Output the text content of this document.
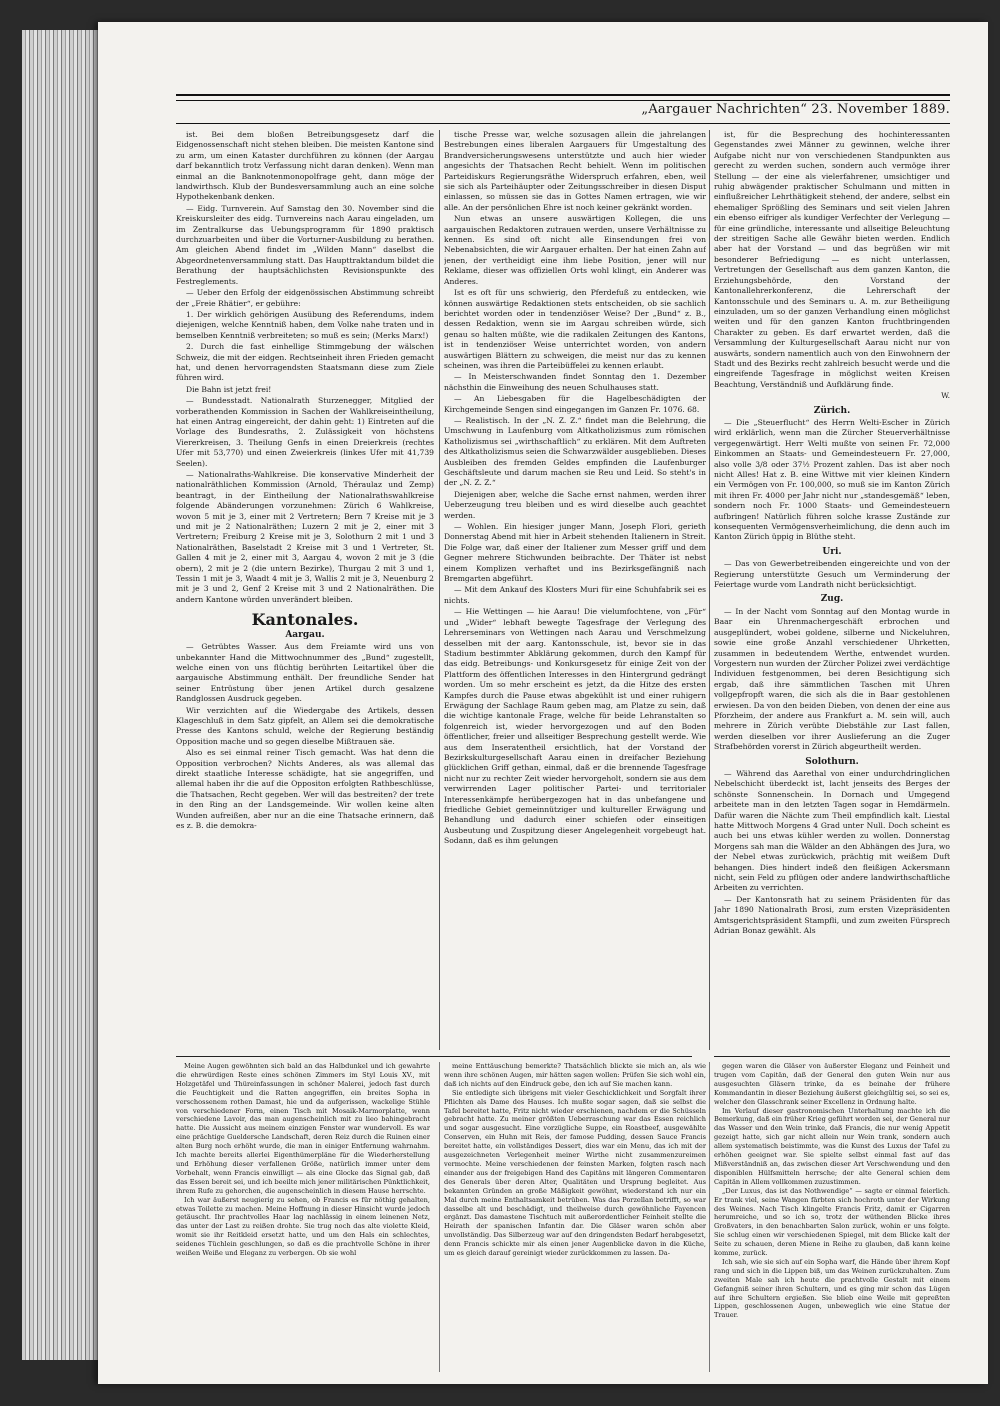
„Aargauer Nachrichten“ 23. November 1889.

ist. Bei dem bloßen Betreibungsgesetz darf die Eidgenossenschaft nicht stehen bleiben. Die meisten Kantone sind zu arm, um einen Kataster durchführen zu können (der Aargau darf bekanntlich trotz Verfassung nicht daran denken). Wenn man einmal an die Banknotenmonopolfrage geht, dann möge der landwirthsch. Klub der Bundesversammlung auch an eine solche Hypothekenbank denken.

— Eidg. Turnverein. Auf Samstag den 30. November sind die Kreiskursleiter des eidg. Turnvereins nach Aarau eingeladen, um im Zentralkurse das Uebungsprogramm für 1890 praktisch durchzuarbeiten und über die Vorturner-Ausbildung zu berathen. Am gleichen Abend findet im „Wilden Mann“ daselbst die Abgeordnetenversammlung statt. Das Haupttraktandum bildet die Berathung der hauptsächlichsten Revisionspunkte des Festreglements.

— Ueber den Erfolg der eidgenössischen Abstimmung schreibt der „Freie Rhätier“, er gebühre:

1. Der wirklich gehörigen Ausübung des Referendums, indem diejenigen, welche Kenntniß haben, dem Volke nahe traten und in bemselben Kenntniß verbreiteten; so muß es sein; (Merks Marx!)

2. Durch die fast einhellige Stimmgebung der wälschen Schweiz, die mit der eidgen. Rechtseinheit ihren Frieden gemacht hat, und denen hervorragendsten Staatsmann diese zum Ziele führen wird.

Die Bahn ist jetzt frei!

— Bundesstadt. Nationalrath Sturzenegger, Mitglied der vorberathenden Kommission in Sachen der Wahlkreiseintheilung, hat einen Antrag eingereicht, der dahin geht: 1) Eintreten auf die Vorlage des Bundesraths, 2. Zulässigkeit von höchstens Viererkreisen, 3. Theilung Genfs in einen Dreierkreis (rechtes Ufer mit 53,770) und einen Zweierkreis (linkes Ufer mit 41,739 Seelen).

— Nationalraths-Wahlkreise. Die konservative Minderheit der nationalräthlichen Kommission (Arnold, Théraulaz und Zemp) beantragt, in der Eintheilung der Nationalrathswahlkreise folgende Abänderungen vorzunehmen: Zürich 6 Wahlkreise, wovon 5 mit je 3, einer mit 2 Vertretern; Bern 7 Kreise mit je 3 und mit je 2 Nationalräthen; Luzern 2 mit je 2, einer mit 3 Vertretern; Freiburg 2 Kreise mit je 3, Solothurn 2 mit 1 und 3 Nationalräthen, Baselstadt 2 Kreise mit 3 und 1 Vertreter, St. Gallen 4 mit je 2, einer mit 3, Aargau 4, wovon 2 mit je 3 (die obern), 2 mit je 2 (die untern Bezirke), Thurgau 2 mit 3 und 1, Tessin 1 mit je 3, Waadt 4 mit je 3, Wallis 2 mit je 3, Neuenburg 2 mit je 3 und 2, Genf 2 Kreise mit 3 und 2 Nationalräthen. Die andern Kantone würden unverändert bleiben.

Kantonales.
Aargau.

— Getrübtes Wasser. Aus dem Freiamte wird uns von unbekannter Hand die Mittwochnummer des „Bund“ zugestellt, welche einen von uns flüchtig berührten Leitartikel über die aargauische Abstimmung enthält. Der freundliche Sender hat seiner Entrüstung über jenen Artikel durch gesalzene Randglossen Ausdruck gegeben.

Wir verzichten auf die Wiedergabe des Artikels, dessen Klageschluß in dem Satz gipfelt, an Allem sei die demokratische Presse des Kantons schuld, welche der Regierung beständig Opposition mache und so gegen dieselbe Mißtrauen säe.

Also es sei einmal reiner Tisch gemacht. Was hat denn die Opposition verbrochen? Nichts Anderes, als was allemal das direkt staatliche Interesse schädigte, hat sie angegriffen, und allemal haben ihr die auf die Oppositon erfolgten Rathbeschlüsse, die Thatsachen, Recht gegeben. Wer will das bestreiten? der trete in den Ring an der Landsgemeinde. Wir wollen keine alten Wunden aufreißen, aber nur an die eine Thatsache erinnern, daß es z. B. die demokra-

tische Presse war, welche sozusagen allein die jahrelangen Bestrebungen eines liberalen Aargauers für Umgestaltung des Brandversicherungswesens unterstützte und auch hier wieder angesichts der Thatsachen Recht behielt. Wenn im politischen Parteidiskurs Regierungsräthe Widerspruch erfahren, eben, weil sie sich als Parteihäupter oder Zeitungsschreiber in diesen Disput einlassen, so müssen sie das in Gottes Namen ertragen, wie wir alle. An der persönlichen Ehre ist noch keiner gekränkt worden.

Nun etwas an unsere auswärtigen Kollegen, die uns aargauischen Redaktoren zutrauen werden, unsere Verhältnisse zu kennen. Es sind oft nicht alle Einsendungen frei von Nebenabsichten, die wir Aargauer erhalten. Der hat einen Zahn auf jenen, der vertheidigt eine ihm liebe Position, jener will nur Reklame, dieser was offiziellen Orts wohl klingt, ein Anderer was Anderes.

Ist es oft für uns schwierig, den Pferdefuß zu entdecken, wie können auswärtige Redaktionen stets entscheiden, ob sie sachlich berichtet worden oder in tendenziöser Weise? Der „Bund“ z. B., dessen Redaktion, wenn sie im Aargau schreiben würde, sich genau so halten müßte, wie die radikalen Zeitungen des Kantons, ist in tendenziöser Weise unterrichtet worden, von andern auswärtigen Blättern zu schweigen, die meist nur das zu kennen scheinen, was ihren die Parteibüffelei zu kennen erlaubt.

— In Meisterschwanden findet Sonntag den 1. Dezember nächsthin die Einweihung des neuen Schulhauses statt.

— An Liebesgaben für die Hagelbeschädigten der Kirchgemeinde Sengen sind eingegangen im Ganzen Fr. 1076. 68.

— Realistisch. In der „N. Z. Z.“ findet man die Belehrung, die Umschwung in Laufenburg vom Altkatholizismus zum römischen Katholizismus sei „wirthschaftlich“ zu erklären. Mit dem Auftreten des Altkatholizismus seien die Schwarzwälder ausgeblieben. Dieses Ausbleiben des fremden Geldes empfinden die Laufenburger Geschäftsleute und darum machen sie Reu und Leid. So steht's in der „N. Z. Z.“

Diejenigen aber, welche die Sache ernst nahmen, werden ihrer Ueberzeugung treu bleiben und es wird dieselbe auch geachtet werden.

— Wohlen. Ein hiesiger junger Mann, Joseph Flori, gerieth Donnerstag Abend mit hier in Arbeit stehenden Italienern in Streit. Die Folge war, daß einer der Italiener zum Messer griff und dem Gegner mehrere Stichwunden beibrachte. Der Thäter ist nebst einem Komplizen verhaftet und ins Bezirksgefängniß nach Bremgarten abgeführt.

— Mit dem Ankauf des Klosters Muri für eine Schuhfabrik sei es nichts.

— Hie Wettingen — hie Aarau! Die vielumfochtene, von „Für“ und „Wider“ lebhaft bewegte Tagesfrage der Verlegung des Lehrerseminars von Wettingen nach Aarau und Verschmelzung desselben mit der aarg. Kantonsschule, ist, bevor sie in das Stadium bestimmter Abklärung gekommen, durch den Kampf für das eidg. Betreibungs- und Konkursgesetz für einige Zeit von der Plattform des öffentlichen Interesses in den Hintergrund gedrängt worden. Um so mehr erscheint es jetzt, da die Hitze des ersten Kampfes durch die Pause etwas abgekühlt ist und einer ruhigern Erwägung der Sachlage Raum geben mag, am Platze zu sein, daß die wichtige kantonale Frage, welche für beide Lehranstalten so folgenreich ist, wieder hervorgezogen und auf den Boden öffentlicher, freier und allseitiger Besprechung gestellt werde. Wie aus dem Inseratentheil ersichtlich, hat der Vorstand der Bezirkskulturgesellschaft Aarau einen in dreifacher Beziehung glücklichen Griff gethan, einmal, daß er die brennende Tagesfrage nicht nur zu rechter Zeit wieder hervorgeholt, sondern sie aus dem verwirrenden Lager politischer Partei- und territorialer Interessenkämpfe herübergezogen hat in das unbefangene und friedliche Gebiet gemeinnütziger und kultureller Erwägung und Behandlung und dadurch einer schiefen oder einseitigen Ausbeutung und Zuspitzung dieser Angelegenheit vorgebeugt hat. Sodann, daß es ihm gelungen

ist, für die Besprechung des hochinteressanten Gegenstandes zwei Männer zu gewinnen, welche ihrer Aufgabe nicht nur von verschiedenen Standpunkten aus gerecht zu werden suchen, sondern auch vermöge ihrer Stellung — der eine als vielerfahrener, umsichtiger und ruhig abwägender praktischer Schulmann und mitten in einflußreicher Lehrthätigkeit stehend, der andere, selbst ein ehemaliger Sprößling des Seminars und seit vielen Jahren ein ebenso eifriger als kundiger Verfechter der Verlegung — für eine gründliche, interessante und allseitige Beleuchtung der streitigen Sache alle Gewähr bieten werden. Endlich aber hat der Vorstand — und das begrüßen wir mit besonderer Befriedigung — es nicht unterlassen, Vertretungen der Gesellschaft aus dem ganzen Kanton, die Erziehungsbehörde, den Vorstand der Kantonallehrerkonferenz, die Lehrerschaft der Kantonsschule und des Seminars u. A. m. zur Betheiligung einzuladen, um so der ganzen Verhandlung einen möglichst weiten und für den ganzen Kanton fruchtbringenden Charakter zu geben. Es darf erwartet werden, daß die Versammlung der Kulturgesellschaft Aarau nicht nur von auswärts, sondern namentlich auch von den Einwohnern der Stadt und des Bezirks recht zahlreich besucht werde und die eingreifende Tagesfrage in möglichst weiten Kreisen Beachtung, Verständniß und Aufklärung finde.

W.

Zürich.

— Die „Steuerflucht“ des Herrn Welti-Escher in Zürich wird erklärlich, wenn man die Zürcher Steuerverhältnisse vergegenwärtigt. Herr Welti mußte von seinen Fr. 72,000 Einkommen an Staats- und Gemeindesteuern Fr. 27,000, also volle 3/8 oder 37½ Prozent zahlen. Das ist aber noch nicht Alles! Hat z. B. eine Wittwe mit vier kleinen Kindern ein Vermögen von Fr. 100,000, so muß sie im Kanton Zürich mit ihren Fr. 4000 per Jahr nicht nur „standesgemäß“ leben, sondern noch Fr. 1000 Staats- und Gemeindesteuern aufbringen! Natürlich führen solche krasse Zustände zur konsequenten Vermögensverheimlichung, die denn auch im Kanton Zürich üppig in Blüthe steht.

Uri.

— Das von Gewerbetreibenden eingereichte und von der Regierung unterstützte Gesuch um Verminderung der Feiertage wurde vom Landrath nicht berücksichtigt.

Zug.

— In der Nacht vom Sonntag auf den Montag wurde in Baar ein Uhrenmachergeschäft erbrochen und ausgeplündert, wobei goldene, silberne und Nickeluhren, sowie eine große Anzahl verschiedener Uhrketten, zusammen in bedeutendem Werthe, entwendet wurden. Vorgestern nun wurden der Zürcher Polizei zwei verdächtige Individuen festgenommen, bei deren Besichtigung sich ergab, daß ihre sämmtlichen Taschen mit Uhren vollgepfropft waren, die sich als die in Baar gestohlenen erwiesen. Da von den beiden Dieben, von denen der eine aus Pforzheim, der andere aus Frankfurt a. M. sein will, auch mehrere in Zürich verübte Diebstähle zur Last fallen, werden dieselben vor ihrer Auslieferung an die Zuger Strafbehörden vorerst in Zürich abgeurtheilt werden.

Solothurn.

— Während das Aarethal von einer undurchdringlichen Nebelschicht überdeckt ist, lacht jenseits des Berges der schönste Sonnenschein. In Dornach und Umgegend arbeitete man in den letzten Tagen sogar in Hemdärmeln. Dafür waren die Nächte zum Theil empfindlich kalt. Liestal hatte Mittwoch Morgens 4 Grad unter Null. Doch scheint es auch bei uns etwas kühler werden zu wollen. Donnerstag Morgens sah man die Wälder an den Abhängen des Jura, wo der Nebel etwas zurückwich, prächtig mit weißem Duft behangen. Dies hindert indeß den fleißigen Ackersmann nicht, sein Feld zu pflügen oder andere landwirthschaftliche Arbeiten zu verrichten.

— Der Kantonsrath hat zu seinem Präsidenten für das Jahr 1890 Nationalrath Brosi, zum ersten Vizepräsidenten Amtsgerichtspräsident Stampfli, und zum zweiten Fürsprech Adrian Bonaz gewählt. Als

Meine Augen gewöhnten sich bald an das Halbdunkel und ich gewahrte die ehrwürdigen Reste eines schönen Zimmers im Styl Louis XV., mit Holzgetäfel und Thüreinfassungen in schöner Malerei, jedoch fast durch die Feuchtigkeit und die Ratten angegriffen, ein breites Sopha in verschossenem rothen Damast, hie und da aufgerissen, wackelige Stühle von verschiedener Form, einen Tisch mit Mosaik-Marmorplatte, wenn verschiedene Lavoir, das man augenscheinlich mit zu lieo bahingebracht hatte. Die Aussicht aus meinem einzigen Fenster war wundervoll. Es war eine prächtige Gueldersche Landschaft, deren Reiz durch die Ruinen einer alten Burg noch erhöht wurde, die man in einiger Entfernung wahrnahm. Ich machte bereits allerlei Eigenthümerpläne für die Wiederherstellung und Erhöhung dieser verfallenen Größe, natürlich immer unter dem Vorbehalt, wenn Francis einwilligt — als eine Glocke das Signal gab, daß das Essen bereit sei, und ich beeilte mich jener militärischen Pünktlichkeit, ihrem Rufe zu gehorchen, die augenscheinlich in diesem Hause herrschte.

Ich war äußerst neugierig zu sehen, ob Francis es für nöthig gehalten, etwas Toilette zu machen. Meine Hoffnung in dieser Hinsicht wurde jedoch getäuscht. Ihr prachtvolles Haar lag nachlässig in einem leinenen Netz, das unter der Last zu reißen drohte. Sie trug noch das alte violette Kleid, womit sie ihr Reitkleid ersetzt hatte, und um den Hals ein schlechtes, seidenes Tüchlein geschlungen, so daß es die prachtvolle Schöne in ihrer weißen Weiße und Eleganz zu verbergen. Ob sie wohl

meine Enttäuschung bemerkte? Thatsächlich blickte sie mich an, als wie wenn ihre schönen Augen, mir hätten sagen wollen: Prüfen Sie sich wohl ein, daß ich nichts auf den Eindruck gebe, den ich auf Sie machen kann.

Sie entledigte sich übrigens mit vieler Geschicklichkeit und Sorgfalt ihrer Pflichten als Dame des Hauses. Ich mußte sogar sagen, daß sie selbst die Tafel bereitet hatte, Fritz nicht wieder erschienen, nachdem er die Schüsseln gebracht hatte. Zu meiner größten Ueberraschung war das Essen reichlich und sogar ausgesucht. Eine vorzügliche Suppe, ein Roastbeef, ausgewählte Conserven, ein Huhn mit Reis, der famose Pudding, dessen Sauce Francis bereitet hatte, ein vollständiges Dessert, dies war ein Menu, das ich mit der ausgezeichneten Verlegenheit meiner Wirthe nicht zusammenzureimen vermochte. Meine verschiedenen der feinsten Marken, folgten rasch nach einander aus der freigebigen Hand des Capitäns mit längeren Commentaren des Generals über deren Alter, Qualitäten und Ursprung begleitet. Aus bekannten Gründen an große Mäßigkeit gewöhnt, wiederstand ich nur ein Mal durch meine Enthaltsamkeit betrüben. Was das Porzellan betrifft, so war dasselbe alt und beschädigt, und theilweise durch gewöhnliche Fayencen ergänzt. Das damastene Tischtuch mit außerordentlicher Feinheit stellte die Heirath der spanischen Infantin dar. Die Gläser waren schön aber unvollständig. Das Silberzeug war auf den dringendsten Bedarf herabgesetzt, denn Francis schickte mir als einen jener Augenblicke davon in die Küche, um es gleich darauf gereinigt wieder zurückkommen zu lassen. Da-

gegen waren die Gläser von äußerster Eleganz und Feinheit und trugen vom Capitän, daß der General den guten Wein nur aus ausgesuchten Gläsern trinke, da es beinahe der frühere Kommandantin in dieser Beziehung äußerst gleichgültig sei, so sei es, welcher den Glasschrank seiner Excellenz in Ordnung halte.

Im Verlauf dieser gastronomischen Unterhaltung machte ich die Bemerkung, daß ein früher Krieg geführt worden sei, der General nur das Wasser und den Wein trinke, daß Francis, die nur wenig Appetit gezeigt hatte, sich gar nicht allein nur Wein trank, sondern auch allem systematisch beistimmte, was die Kunst des Luxus der Tafel zu erhöhen geeignet war. Sie spielte selbst einmal fast auf das Mißverständniß an, das zwischen dieser Art Verschwendung und den disponiblen Hülfsmitteln herrsche; der alte General schien dem Capitän in Allem vollkommen zuzustimmen.

„Der Luxus, das ist das Nothwendige“ — sagte er einmal feierlich. Er trank viel, seine Wangen färbten sich hochroth unter der Wirkung des Weines. Nach Tisch klingelte Francis Fritz, damit er Cigarren herumreiche, und so ich so, trotz der wüthenden Blicke ihres Großvaters, in den benachbarten Salon zurück, wohin er uns folgte. Sie schlug einen wir verschiedenen Spiegel, mit dem Blicke kalt der Seite zu schauen, deren Miene in Reihe zu glauben, daß kann keine komme, zurück.

Ich sah, wie sie sich auf ein Sopha warf, die Hände über ihrem Kopf rang und sich in die Lippen biß, um das Weinen zurückzuhalten. Zum zweiten Male sah ich heute die prachtvolle Gestalt mit einem Gefangniß seiner ihren Schultern, und es ging mir schon das Lügen auf ihre Schultern ergießen. Sie blieb eine Weile mit gepreßten Lippen, geschlossenen Augen, unbeweglich wie eine Statue der Trauer.
